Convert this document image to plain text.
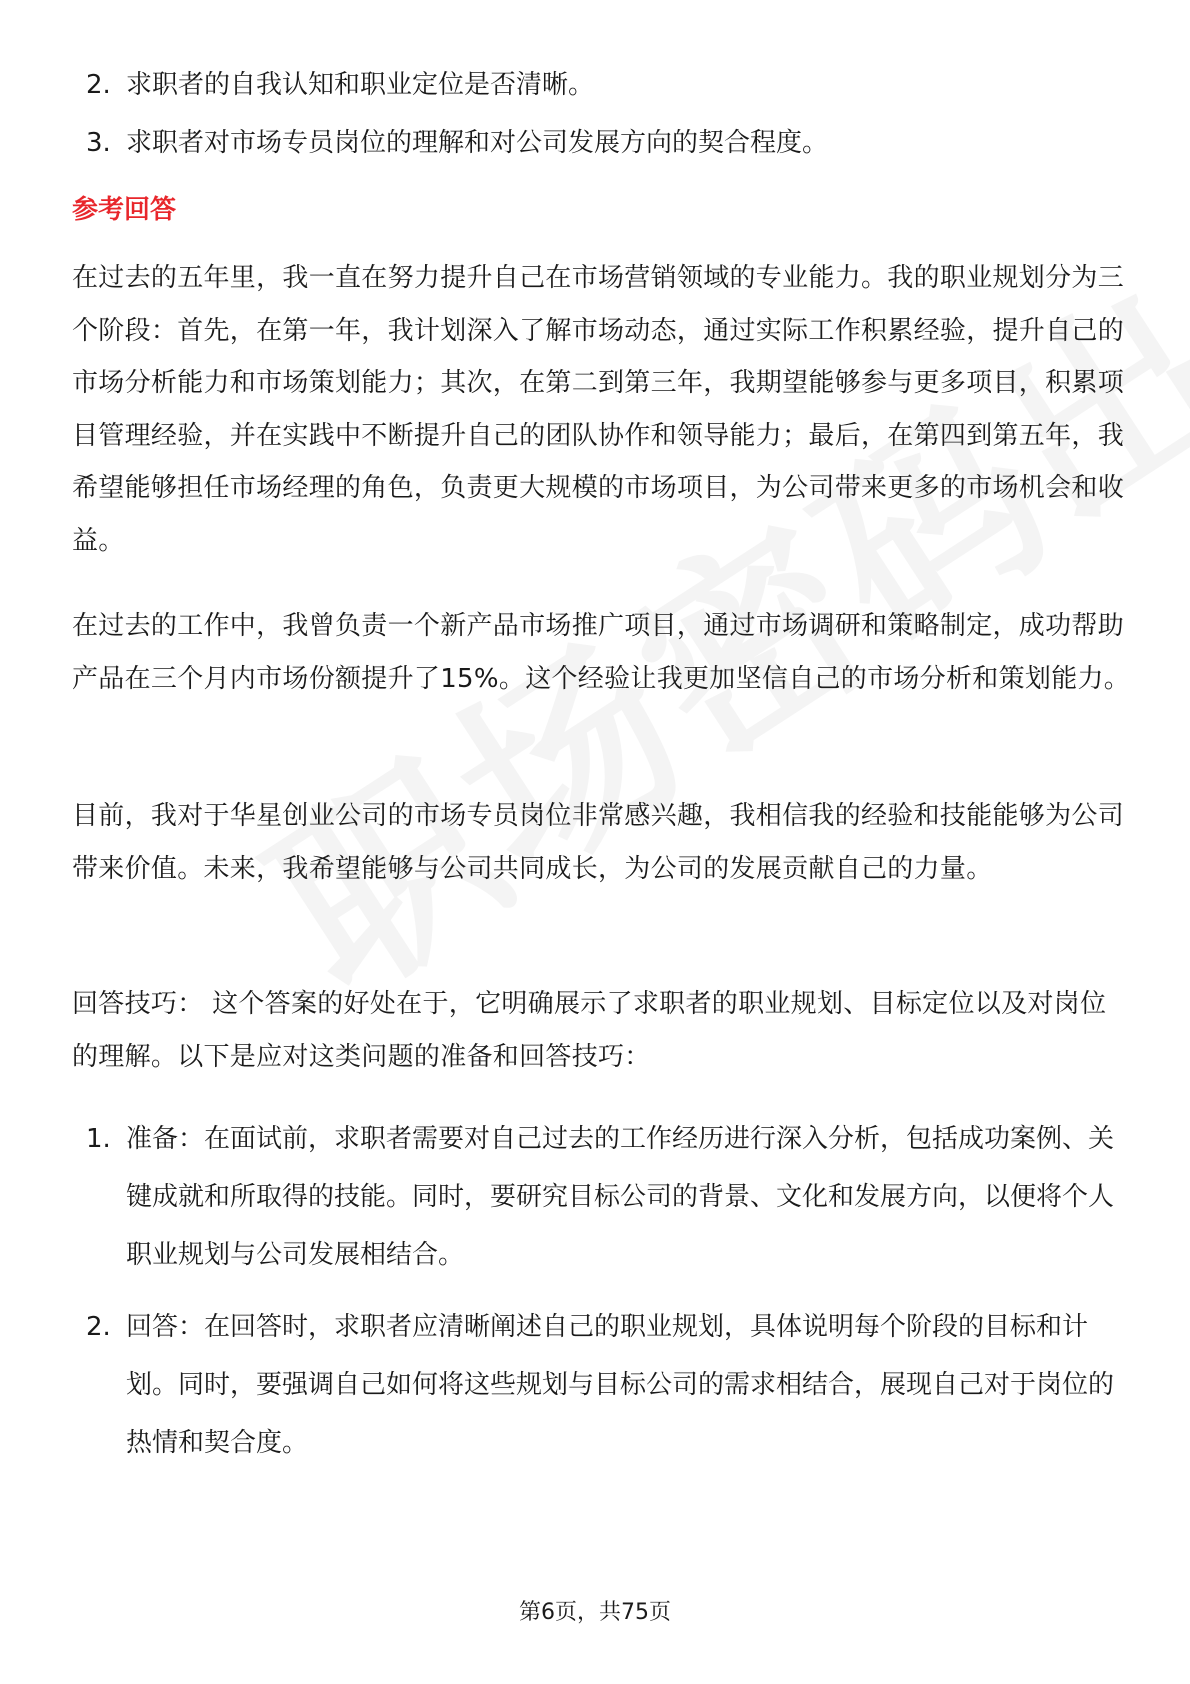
2. 求职者的自我认知和职业定位是否清晰。
3. 求职者对市场专员岗位的理解和对公司发展方向的契合程度。
参考回答
在过去的五年里，我一直在努力提升自己在市场营销领域的专业能力。我的职业规划分为三个阶段：首先，在第一年，我计划深入了解市场动态，通过实际工作积累经验，提升自己的市场分析能力和市场策划能力；其次，在第二到第三年，我期望能够参与更多项目，积累项目管理经验，并在实践中不断提升自己的团队协作和领导能力；最后，在第四到第五年，我希望能够担任市场经理的角色，负责更大规模的市场项目，为公司带来更多的市场机会和收益。
在过去的工作中，我曾负责一个新产品市场推广项目，通过市场调研和策略制定，成功帮助产品在三个月内市场份额提升了15%。这个经验让我更加坚信自己的市场分析和策划能力。
目前，我对于华星创业公司的市场专员岗位非常感兴趣，我相信我的经验和技能能够为公司带来价值。未来，我希望能够与公司共同成长，为公司的发展贡献自己的力量。
回答技巧： 这个答案的好处在于，它明确展示了求职者的职业规划、目标定位以及对岗位的理解。以下是应对这类问题的准备和回答技巧：
1. 准备：在面试前，求职者需要对自己过去的工作经历进行深入分析，包括成功案例、关键成就和所取得的技能。同时，要研究目标公司的背景、文化和发展方向，以便将个人职业规划与公司发展相结合。
2. 回答：在回答时，求职者应清晰阐述自己的职业规划，具体说明每个阶段的目标和计划。同时，要强调自己如何将这些规划与目标公司的需求相结合，展现自己对于岗位的热情和契合度。
第6页，共75页
